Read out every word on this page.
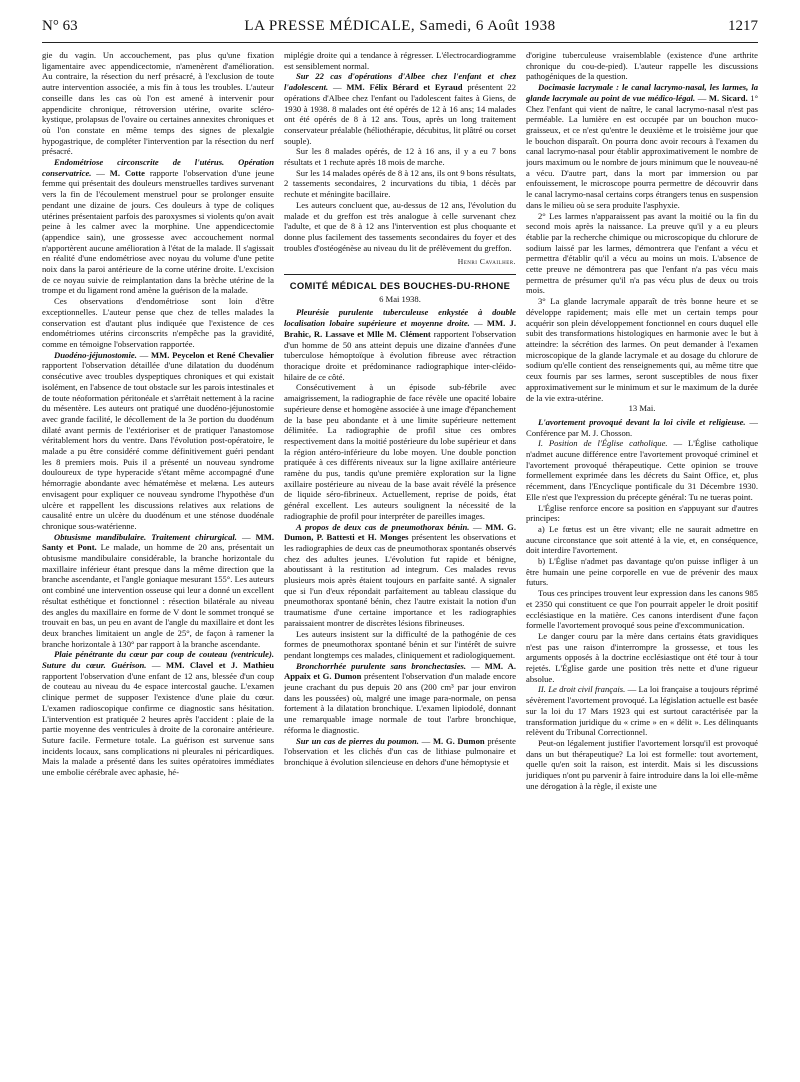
N° 63	LA PRESSE MÉDICALE, Samedi, 6 Août 1938	1217

gie du vagin. Un accouchement, pas plus qu'une fixation ligamentaire avec appendicectomie, n'amenèrent d'amélioration. Au contraire, la résection du nerf présacré, à l'exclusion de toute autre intervention associée, a mis fin à tous les troubles. L'auteur conseille dans les cas où l'on est amené à intervenir pour appendicite chronique, rétroversion utérine, ovarite scléro-kystique, prolapsus de l'ovaire ou certaines annexites chroniques et où l'on constate en même temps des signes de plexalgie hypogastrique, de compléter l'intervention par la résection du nerf présacré.

Endométriose circonscrite de l'utérus. Opération conservatrice. — M. Cotte rapporte l'observation d'une jeune femme qui présentait des douleurs menstruelles tardives survenant vers la fin de l'écoulement menstruel pour se prolonger ensuite pendant une dizaine de jours. Ces douleurs à type de coliques utérines présentaient parfois des paroxysmes si violents qu'on avait peine à les calmer avec la morphine. Une appendicectomie (appendice sain), une grossesse avec accouchement normal n'apportèrent aucune amélioration à l'état de la malade. Il s'agissait en réalité d'une endométriose avec noyau du volume d'une petite noix dans la paroi antérieure de la corne utérine droite. L'excision de ce noyau suivie de reimplantation dans la brèche utérine de la trompe et du ligament rond amène la guérison de la malade.

Ces observations d'endométriose sont loin d'être exceptionnelles. L'auteur pense que chez de telles malades la conservation est d'autant plus indiquée que l'existence de ces endométriomes utérins circonscrits n'empêche pas la gravidité, comme en témoigne l'observation rapportée.

Duodéno-jéjunostomie. — MM. Peycelon et René Chevalier rapportent l'observation détaillée d'une dilatation du duodénum consécutive avec troubles dyspeptiques chroniques et qui existait isolément, en l'absence de tout obstacle sur les parois intestinales et de toute néoformation péritonéale et s'arrêtait nettement à la racine du mésentère. Les auteurs ont pratiqué une duodéno-jéjunostomie avec grande facilité, le décollement de la 3e portion du duodénum dilaté avant permis de l'extérioriser et de pratiquer l'anastomose véritablement hors du ventre. Dans l'évolution post-opératoire, le malade a pu être considéré comme définitivement guéri pendant les 8 premiers mois. Puis il a présenté un nouveau syndrome douloureux de type hyperacide s'étant même accompagné d'une hémorragie abondante avec hématémèse et melæna. Les auteurs envisagent pour expliquer ce nouveau syndrome l'hypothèse d'un ulcère et rappellent les discussions relatives aux relations de causalité entre un ulcère du duodénum et une sténose duodénale chronique sous-watérienne.

Obtusisme mandibulaire. Traitement chirurgical. — MM. Santy et Pont. Le malade, un homme de 20 ans, présentait un obtusisme mandibulaire considérable, la branche horizontale du maxillaire inférieur étant presque dans la même direction que la branche ascendante, et l'angle goniaque mesurant 155°. Les auteurs ont combiné une intervention osseuse qui leur a donné un excellent résultat esthétique et fonctionnel : résection bilatérale au niveau des angles du maxillaire en forme de V dont le sommet tronqué se trouvait en bas, un peu en avant de l'angle du maxillaire et dont les deux branches limitaient un angle de 25°, de façon à ramener la branche horizontale à 130° par rapport à la branche ascendante.

Plaie pénétrante du cœur par coup de couteau (ventricule). Suture du cœur. Guérison. — MM. Clavel et J. Mathieu rapportent l'observation d'une enfant de 12 ans, blessée d'un coup de couteau au niveau du 4e espace intercostal gauche. L'examen clinique permet de supposer l'existence d'une plaie du cœur. L'examen radioscopique confirme ce diagnostic sans hésitation. L'intervention est pratiquée 2 heures après l'accident : plaie de la partie moyenne des ventricules à droite de la coronaire antérieure. Suture facile. Fermeture totale. La guérison est survenue sans incidents locaux, sans complications ni pleurales ni péricardiques. Mais la malade a présenté dans les suites opératoires immédiates une embolie cérébrale avec aphasie, hé-

miplégie droite qui a tendance à régresser. L'électrocardiogramme est sensiblement normal.

Sur 22 cas d'opérations d'Albee chez l'enfant et chez l'adolescent. — MM. Félix Bérard et Eyraud présentent 22 opérations d'Albee chez l'enfant ou l'adolescent faites à Giens, de 1930 à 1938. 8 malades ont été opérés de 12 à 16 ans; 14 malades ont été opérés de 8 à 12 ans. Tous, après un long traitement conservateur préalable (héliothérapie, décubitus, lit plâtré ou corset souple).

Sur les 8 malades opérés, de 12 à 16 ans, il y a eu 7 bons résultats et 1 rechute après 18 mois de marche.

Sur les 14 malades opérés de 8 à 12 ans, ils ont 9 bons résultats, 2 tassements secondaires, 2 incurvations du tibia, 1 décès par rechute et méningite bacillaire.

Les auteurs concluent que, au-dessus de 12 ans, l'évolution du malade et du greffon est très analogue à celle survenant chez l'adulte, et que de 8 à 12 ans l'intervention est plus choquante et donne plus facilement des tassements secondaires du foyer et des troubles d'ostéogénèse au niveau du lit de prélèvement du greffon.

Henri Cavailher.
COMITÉ MÉDICAL DES BOUCHES-DU-RHONE
6 Mai 1938.

Pleurésie purulente tuberculeuse enkystée à double localisation lobaire supérieure et moyenne droite. — MM. J. Brahic, R. Lassave et Mlle M. Clément rapportent l'observation d'un homme de 50 ans atteint depuis une dizaine d'années d'une tuberculose hémoptoïque à évolution fibreuse avec rétraction thoracique droite et prédominance radiographique inter-cléido-hilaire de ce côté.

Consécutivement à un épisode sub-fébrile avec amaigrissement, la radiographie de face révèle une opacité lobaire supérieure dense et homogène associée à une image d'épanchement de la base peu abondante et à une limite supérieure nettement délimitée. La radiographie de profil situe ces ombres respectivement dans la moitié postérieure du lobe supérieur et dans la région antéro-inférieure du lobe moyen. Une double ponction pratiquée à ces différents niveaux sur la ligne axillaire antérieure ramène du pus, tandis qu'une première exploration sur la ligne axillaire postérieure au niveau de la base avait révélé la présence de liquide séro-fibrineux. Actuellement, reprise de poids, état général excellent. Les auteurs soulignent la nécessité de la radiographie de profil pour interpréter de pareilles images.

A propos de deux cas de pneumothorax bénin. — MM. G. Dumon, P. Battesti et H. Monges présentent les observations et les radiographies de deux cas de pneumothorax spontanés observés chez des adultes jeunes. L'évolution fut rapide et bénigne, aboutissant à la restitution ad integrum. Ces malades revus plusieurs mois après étaient toujours en parfaite santé. A signaler que si l'un d'eux répondait parfaitement au tableau classique du pneumothorax spontané bénin, chez l'autre existait la notion d'un traumatisme d'une certaine importance et les radiographies paraissaient montrer de discrètes lésions fibrineuses.

Les auteurs insistent sur la difficulté de la pathogénie de ces formes de pneumothorax spontané bénin et sur l'intérêt de suivre pendant longtemps ces malades, cliniquement et radiologiquement.

Bronchorrhée purulente sans bronchectasies. — MM. A. Appaix et G. Dumon présentent l'observation d'un malade encore jeune crachant du pus depuis 20 ans (200 cm³ par jour environ dans les poussées) où, malgré une image para-normale, on pensa fortement à la dilatation bronchique. L'examen lipiodolé, donnant une remarquable image normale de tout l'arbre bronchique, réforma le diagnostic.

Sur un cas de pierres du poumon. — M. G. Dumon présente l'observation et les clichés d'un cas de lithiase pulmonaire et bronchique à évolution silencieuse en dehors d'une hémoptysie et

d'origine tuberculeuse vraisemblable (existence d'une arthrite chronique du cou-de-pied). L'auteur rappelle les discussions pathogéniques de la question.

Docimasie lacrymale : le canal lacrymo-nasal, les larmes, la glande lacrymale au point de vue médico-légal. — M. Sicard. 1° Chez l'enfant qui vient de naître, le canal lacrymo-nasal n'est pas perméable. La lumière en est occupée par un bouchon muco-graisseux, et ce n'est qu'entre le deuxième et le troisième jour que le bouchon disparaît. On pourra donc avoir recours à l'examen du canal lacrymo-nasal pour établir approximativement le nombre de jours maximum ou le nombre de jours minimum que le nouveau-né a vécu. D'autre part, dans la mort par immersion ou par enfouissement, le microscope pourra permettre de découvrir dans le canal lacrymo-nasal certains corps étrangers tenus en suspension dans le milieu où se sera produite l'asphyxie.

2° Les larmes n'apparaissent pas avant la moitié ou la fin du second mois après la naissance. La preuve qu'il y a eu pleurs établie par la recherche chimique ou microscopique du chlorure de sodium laissé par les larmes, démontrera que l'enfant a vécu et permettra d'établir qu'il a vécu au moins un mois. L'absence de cette preuve ne démontrera pas que l'enfant n'a pas vécu mais permettra de présumer qu'il n'a pas vécu plus de deux ou trois mois.

3° La glande lacrymale apparaît de très bonne heure et se développe rapidement; mais elle met un certain temps pour acquérir son plein développement fonctionnel en cours duquel elle subit des transformations histologiques en harmonie avec le but à atteindre: la sécrétion des larmes. On peut demander à l'examen microscopique de la glande lacrymale et au dosage du chlorure de sodium qu'elle contient des renseignements qui, au même titre que ceux fournis par ses larmes, seront susceptibles de nous fixer approximativement sur le minimum et sur le maximum de la durée de la vie extra-utérine.

13 Mai.

L'avortement provoqué devant la loi civile et religieuse. — Conférence par M. J. Chosson.

I. Position de l'Église catholique. — L'Église catholique n'admet aucune différence entre l'avortement provoqué criminel et l'avortement provoqué thérapeutique. Cette opinion se trouve formellement exprimée dans les décrets du Saint Office, et, plus récemment, dans l'Encyclique pontificale du 31 Décembre 1930. Elle n'est que l'expression du précepte général: Tu ne tueras point.

L'Église renforce encore sa position en s'appuyant sur d'autres principes:

a) Le fœtus est un être vivant; elle ne saurait admettre en aucune circonstance que soit attenté à la vie, et, en conséquence, doit interdire l'avortement.

b) L'Église n'admet pas davantage qu'on puisse infliger à un être humain une peine corporelle en vue de prévenir des maux futurs.

Tous ces principes trouvent leur expression dans les canons 985 et 2350 qui constituent ce que l'on pourrait appeler le droit positif ecclésiastique en la matière. Ces canons interdisent d'une façon formelle l'avortement provoqué sous peine d'excommunication.

Le danger couru par la mère dans certains états gravidiques n'est pas une raison d'interrompre la grossesse, et tous les arguments opposés à la doctrine ecclésiastique ont été tour à tour rejetés. L'Église garde une position très nette et d'une rigueur absolue.

II. Le droit civil français. — La loi française a toujours réprimé sévèrement l'avortement provoqué. La législation actuelle est basée sur la loi du 17 Mars 1923 qui est surtout caractérisée par la transformation juridique du « crime » en « délit ». Les délinquants relèvent du Tribunal Correctionnel.

Peut-on légalement justifier l'avortement lorsqu'il est provoqué dans un but thérapeutique? La loi est formelle: tout avortement, quelle qu'en soit la raison, est interdit. Mais si les discussions juridiques n'ont pu parvenir à faire introduire dans la loi elle-même une dérogation à la règle, il existe une
